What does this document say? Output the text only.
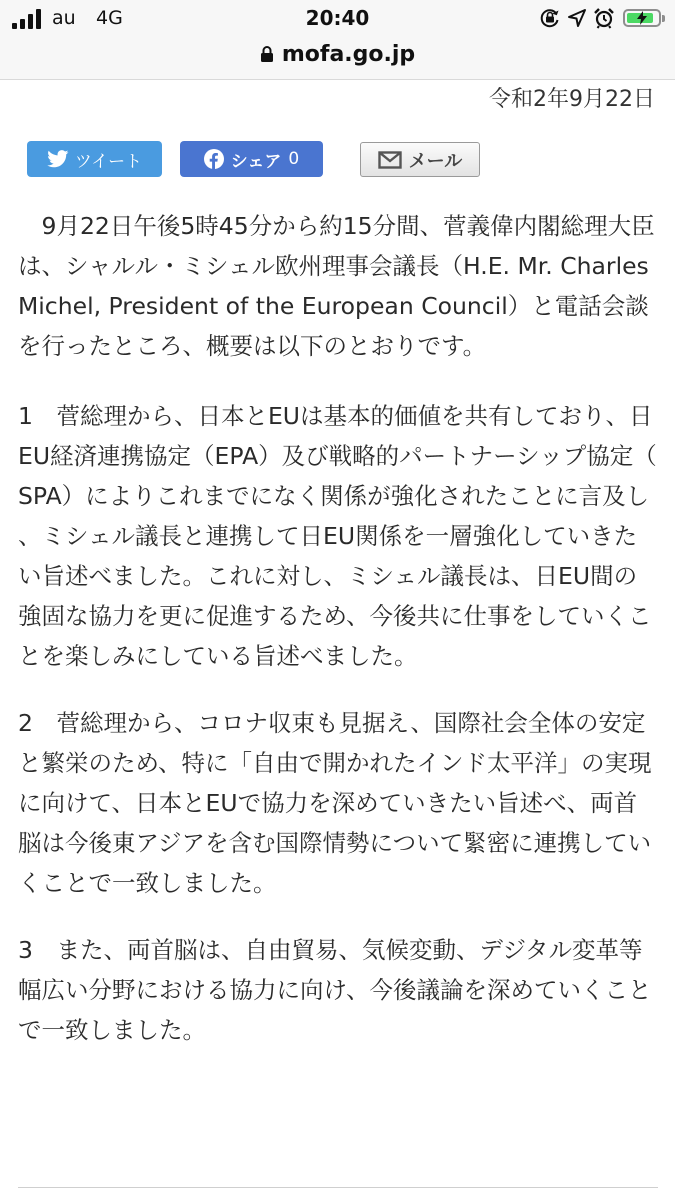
au 4G	20:40
mofa.go.jp
令和2年9月22日
ツイート	シェア 0	メール

　9月22日午後5時45分から約15分間、菅義偉内閣総理大臣は、シャルル・ミシェル欧州理事会議長（H.E. Mr. Charles Michel, President of the European Council）と電話会談を行ったところ、概要は以下のとおりです。

1　菅総理から、日本とEUは基本的価値を共有しており、日EU経済連携協定（EPA）及び戦略的パートナーシップ協定（SPA）によりこれまでになく関係が強化されたことに言及し、ミシェル議長と連携して日EU関係を一層強化していきたい旨述べました。これに対し、ミシェル議長は、日EU間の強固な協力を更に促進するため、今後共に仕事をしていくことを楽しみにしている旨述べました。

2　菅総理から、コロナ収束も見据え、国際社会全体の安定と繁栄のため、特に「自由で開かれたインド太平洋」の実現に向けて、日本とEUで協力を深めていきたい旨述べ、両首脳は今後東アジアを含む国際情勢について緊密に連携していくことで一致しました。

3　また、両首脳は、自由貿易、気候変動、デジタル変革等幅広い分野における協力に向け、今後議論を深めていくことで一致しました。
